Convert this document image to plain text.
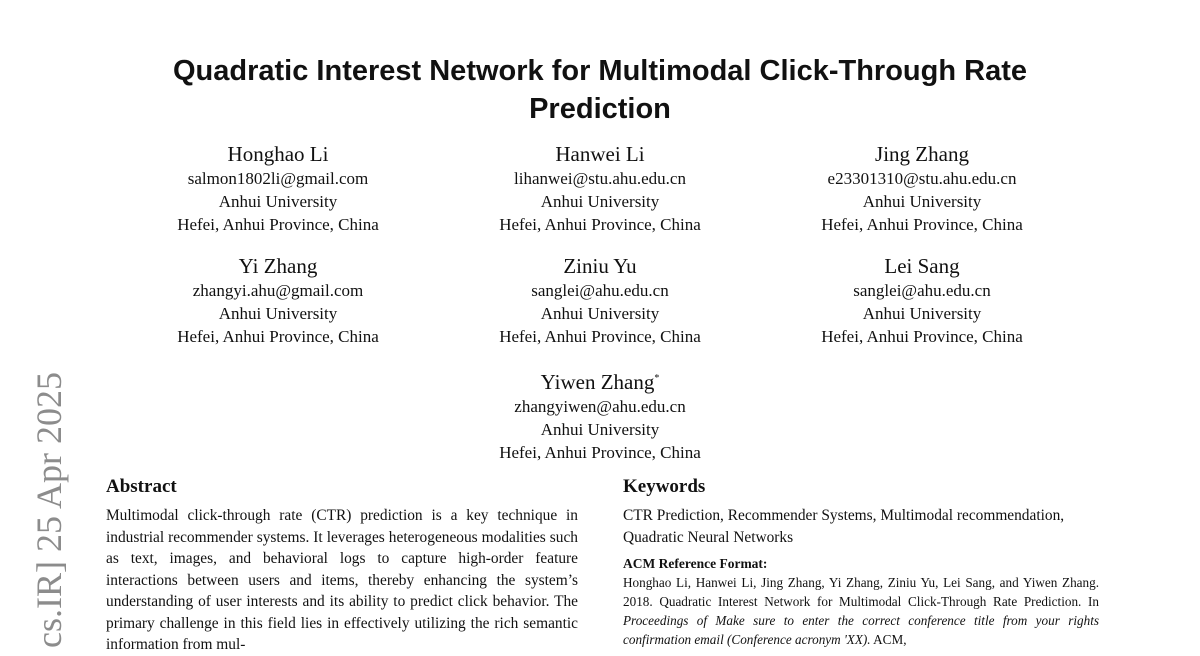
cs.IR] 25 Apr 2025
Quadratic Interest Network for Multimodal Click-Through Rate Prediction
Honghao Li
salmon1802li@gmail.com
Anhui University
Hefei, Anhui Province, China
Hanwei Li
lihanwei@stu.ahu.edu.cn
Anhui University
Hefei, Anhui Province, China
Jing Zhang
e23301310@stu.ahu.edu.cn
Anhui University
Hefei, Anhui Province, China
Yi Zhang
zhangyi.ahu@gmail.com
Anhui University
Hefei, Anhui Province, China
Ziniu Yu
sanglei@ahu.edu.cn
Anhui University
Hefei, Anhui Province, China
Lei Sang
sanglei@ahu.edu.cn
Anhui University
Hefei, Anhui Province, China
Yiwen Zhang*
zhangyiwen@ahu.edu.cn
Anhui University
Hefei, Anhui Province, China
Abstract
Multimodal click-through rate (CTR) prediction is a key technique in industrial recommender systems. It leverages heterogeneous modalities such as text, images, and behavioral logs to capture high-order feature interactions between users and items, thereby enhancing the system’s understanding of user interests and its ability to predict click behavior. The primary challenge in this field lies in effectively utilizing the rich semantic information from mul-
Keywords
CTR Prediction, Recommender Systems, Multimodal recommendation, Quadratic Neural Networks
ACM Reference Format:
Honghao Li, Hanwei Li, Jing Zhang, Yi Zhang, Ziniu Yu, Lei Sang, and Yiwen Zhang. 2018. Quadratic Interest Network for Multimodal Click-Through Rate Prediction. In Proceedings of Make sure to enter the correct conference title from your rights confirmation email (Conference acronym 'XX). ACM,
